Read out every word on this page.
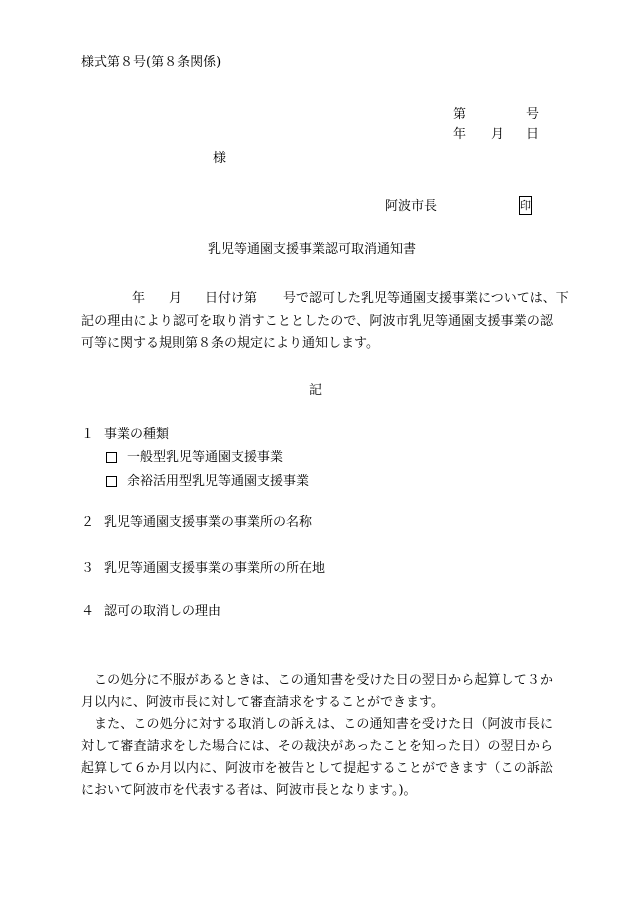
様式第８号(第８条関係)
第	号
年 月 日
様
阿波市長	印
乳児等通園支援事業認可取消通知書
年 月 日付け第 号で認可した乳児等通園支援事業については、下
記の理由により認可を取り消すこととしたので、阿波市乳児等通園支援事業の認可等に関する規則第８条の規定により通知します。
記
１ 事業の種類
一般型乳児等通園支援事業
余裕活用型乳児等通園支援事業
２ 乳児等通園支援事業の事業所の名称
３ 乳児等通園支援事業の事業所の所在地
４ 認可の取消しの理由
この処分に不服があるときは、この通知書を受けた日の翌日から起算して３か月以内に、阿波市長に対して審査請求をすることができます。
また、この処分に対する取消しの訴えは、この通知書を受けた日（阿波市長に対して審査請求をした場合には、その裁決があったことを知った日）の翌日から起算して６か月以内に、阿波市を被告として提起することができます（この訴訟において阿波市を代表する者は、阿波市長となります。)。
